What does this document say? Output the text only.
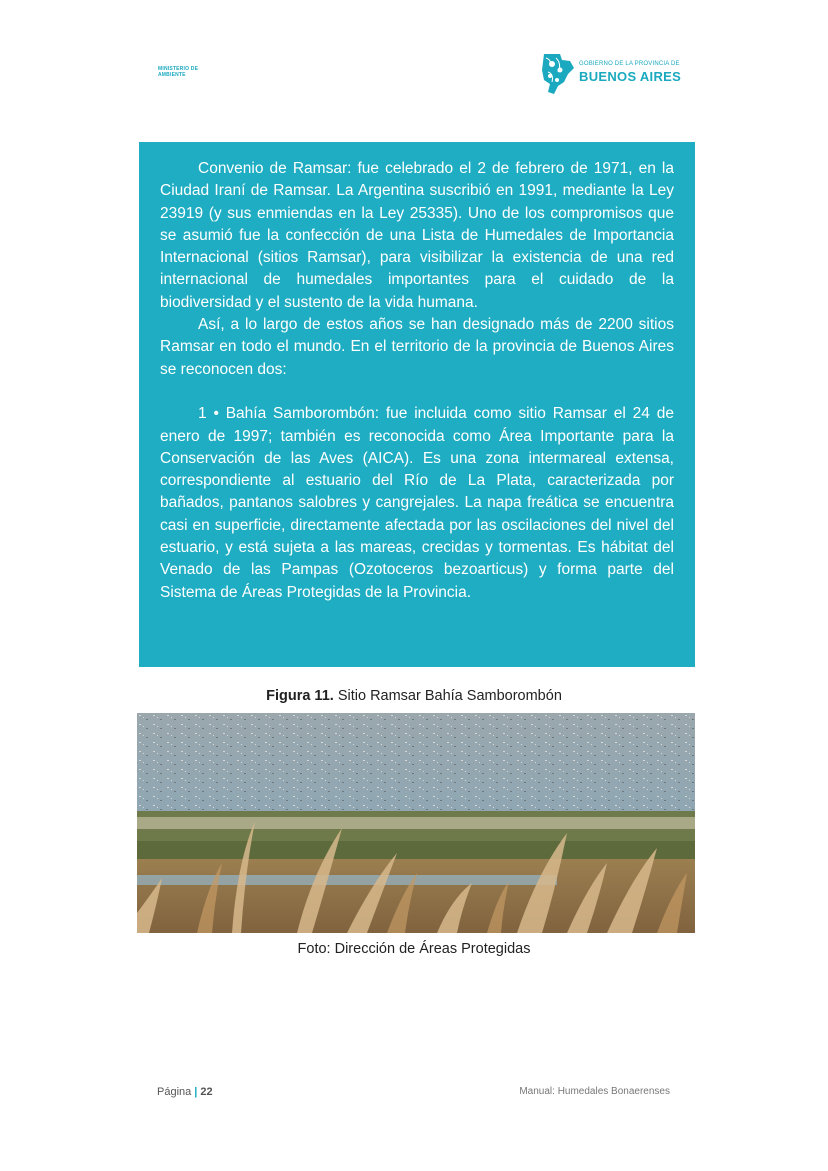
MINISTERIO DE
AMBIENTE
GOBIERNO DE LA PROVINCIA DE
BUENOS AIRES

Convenio de Ramsar: fue celebrado el 2 de febrero de 1971, en la Ciudad Iraní de Ramsar. La Argentina suscribió en 1991, mediante la Ley 23919 (y sus enmiendas en la Ley 25335). Uno de los compromisos que se asumió fue la confección de una Lista de Humedales de Importancia Internacional (sitios Ramsar), para visibilizar la existencia de una red internacional de humedales importantes para el cuidado de la biodiversidad y el sustento de la vida humana.

Así, a lo largo de estos años se han designado más de 2200 sitios Ramsar en todo el mundo. En el territorio de la provincia de Buenos Aires se reconocen dos:

1 • Bahía Samborombón: fue incluida como sitio Ramsar el 24 de enero de 1997; también es reconocida como Área Importante para la Conservación de las Aves (AICA). Es una zona intermareal extensa, correspondiente al estuario del Río de La Plata, caracterizada por bañados, pantanos salobres y cangrejales. La napa freática se encuentra casi en superficie, directamente afectada por las oscilaciones del nivel del estuario, y está sujeta a las mareas, crecidas y tormentas. Es hábitat del Venado de las Pampas (Ozotoceros bezoarticus) y forma parte del Sistema de Áreas Protegidas de la Provincia.

Figura 11. Sitio Ramsar Bahía Samborombón
Foto: Dirección de Áreas Protegidas
Página | 22	Manual: Humedales Bonaerenses
